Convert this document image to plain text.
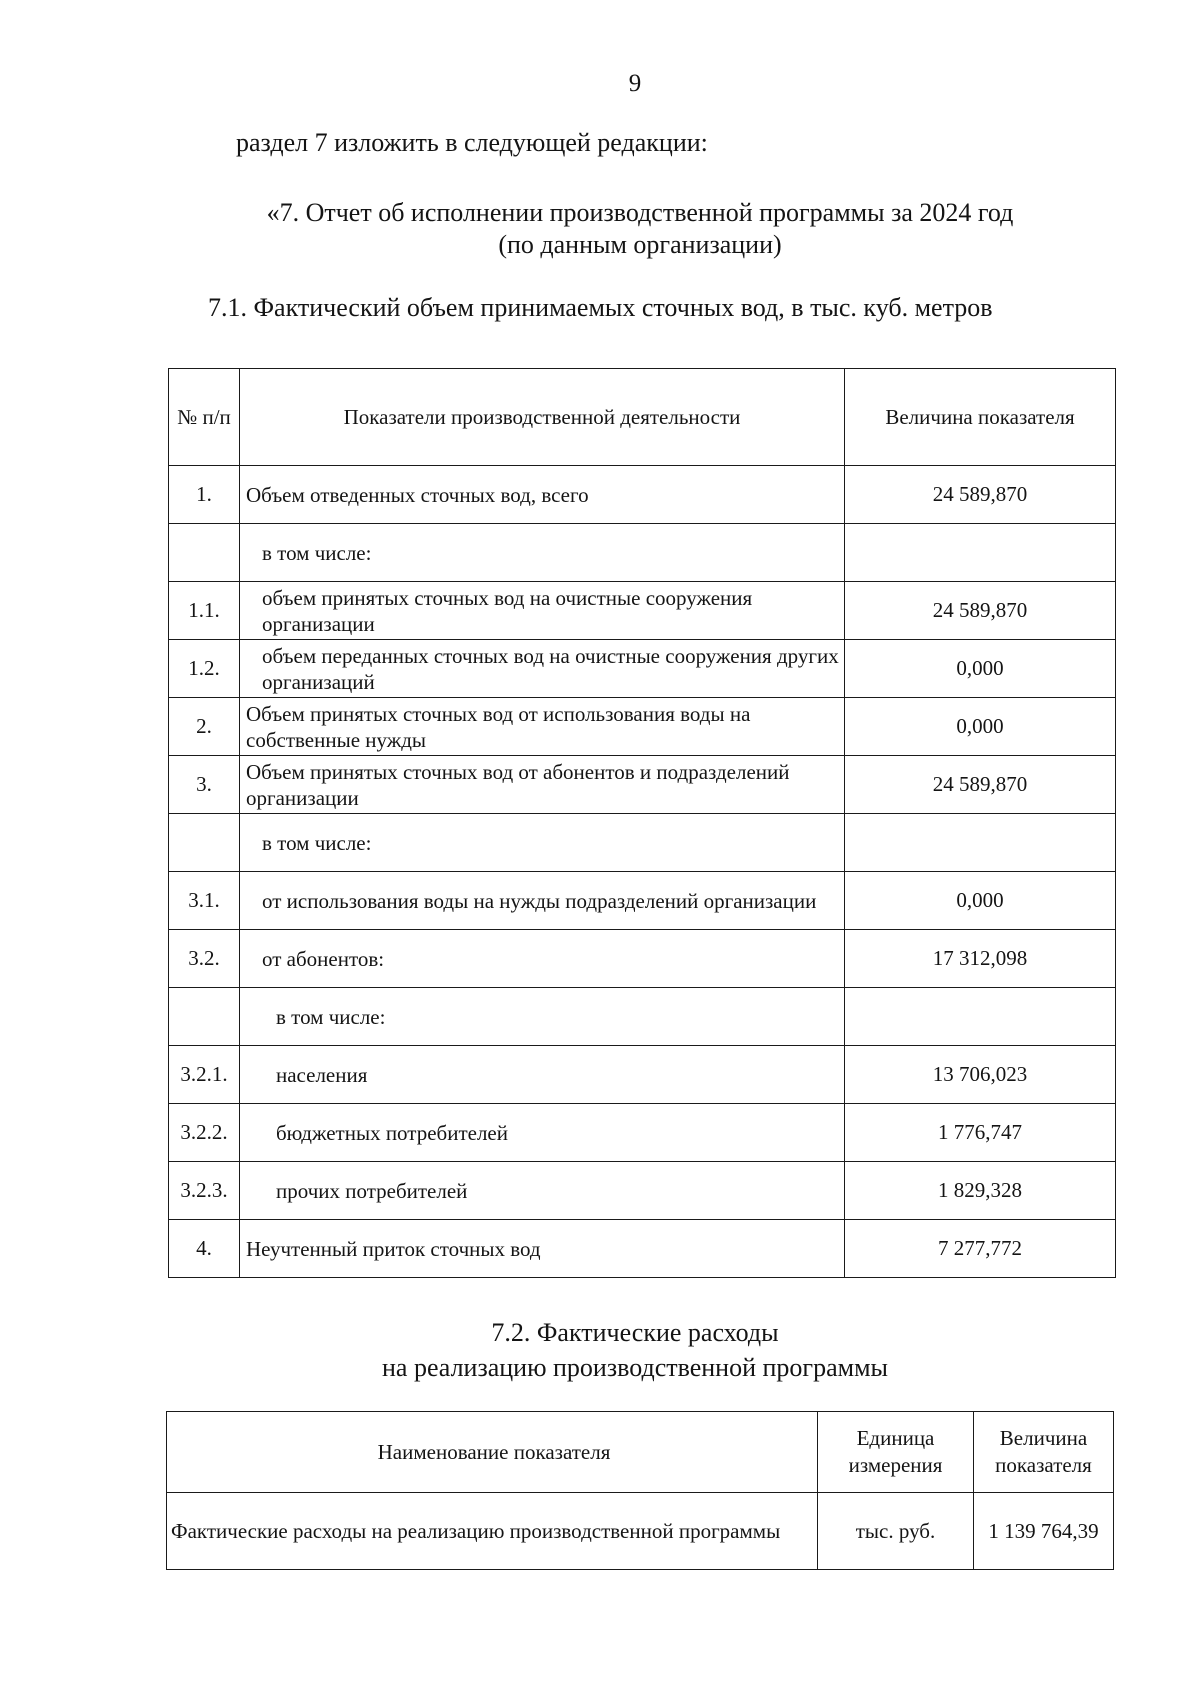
9
раздел 7 изложить в следующей редакции:
«7. Отчет об исполнении производственной программы за 2024 год
(по данным организации)
7.1. Фактический объем принимаемых сточных вод, в тыс. куб. метров
№ п/п	Показатели производственной деятельности	Величина показателя
1.	Объем отведенных сточных вод, всего	24 589,870
	в том числе:	
1.1.	объем принятых сточных вод на очистные сооружения организации	24 589,870
1.2.	объем переданных сточных вод на очистные сооружения других организаций	0,000
2.	Объем принятых сточных вод от использования воды на собственные нужды	0,000
3.	Объем принятых сточных вод от абонентов и подразделений организации	24 589,870
	в том числе:	
3.1.	от использования воды на нужды подразделений организации	0,000
3.2.	от абонентов:	17 312,098
	в том числе:	
3.2.1.	населения	13 706,023
3.2.2.	бюджетных потребителей	1 776,747
3.2.3.	прочих потребителей	1 829,328
4.	Неучтенный приток сточных вод	7 277,772
7.2. Фактические расходы
на реализацию производственной программы
Наименование показателя	Единица измерения	Величина показателя
Фактические расходы на реализацию производственной программы	тыс. руб.	1 139 764,39
